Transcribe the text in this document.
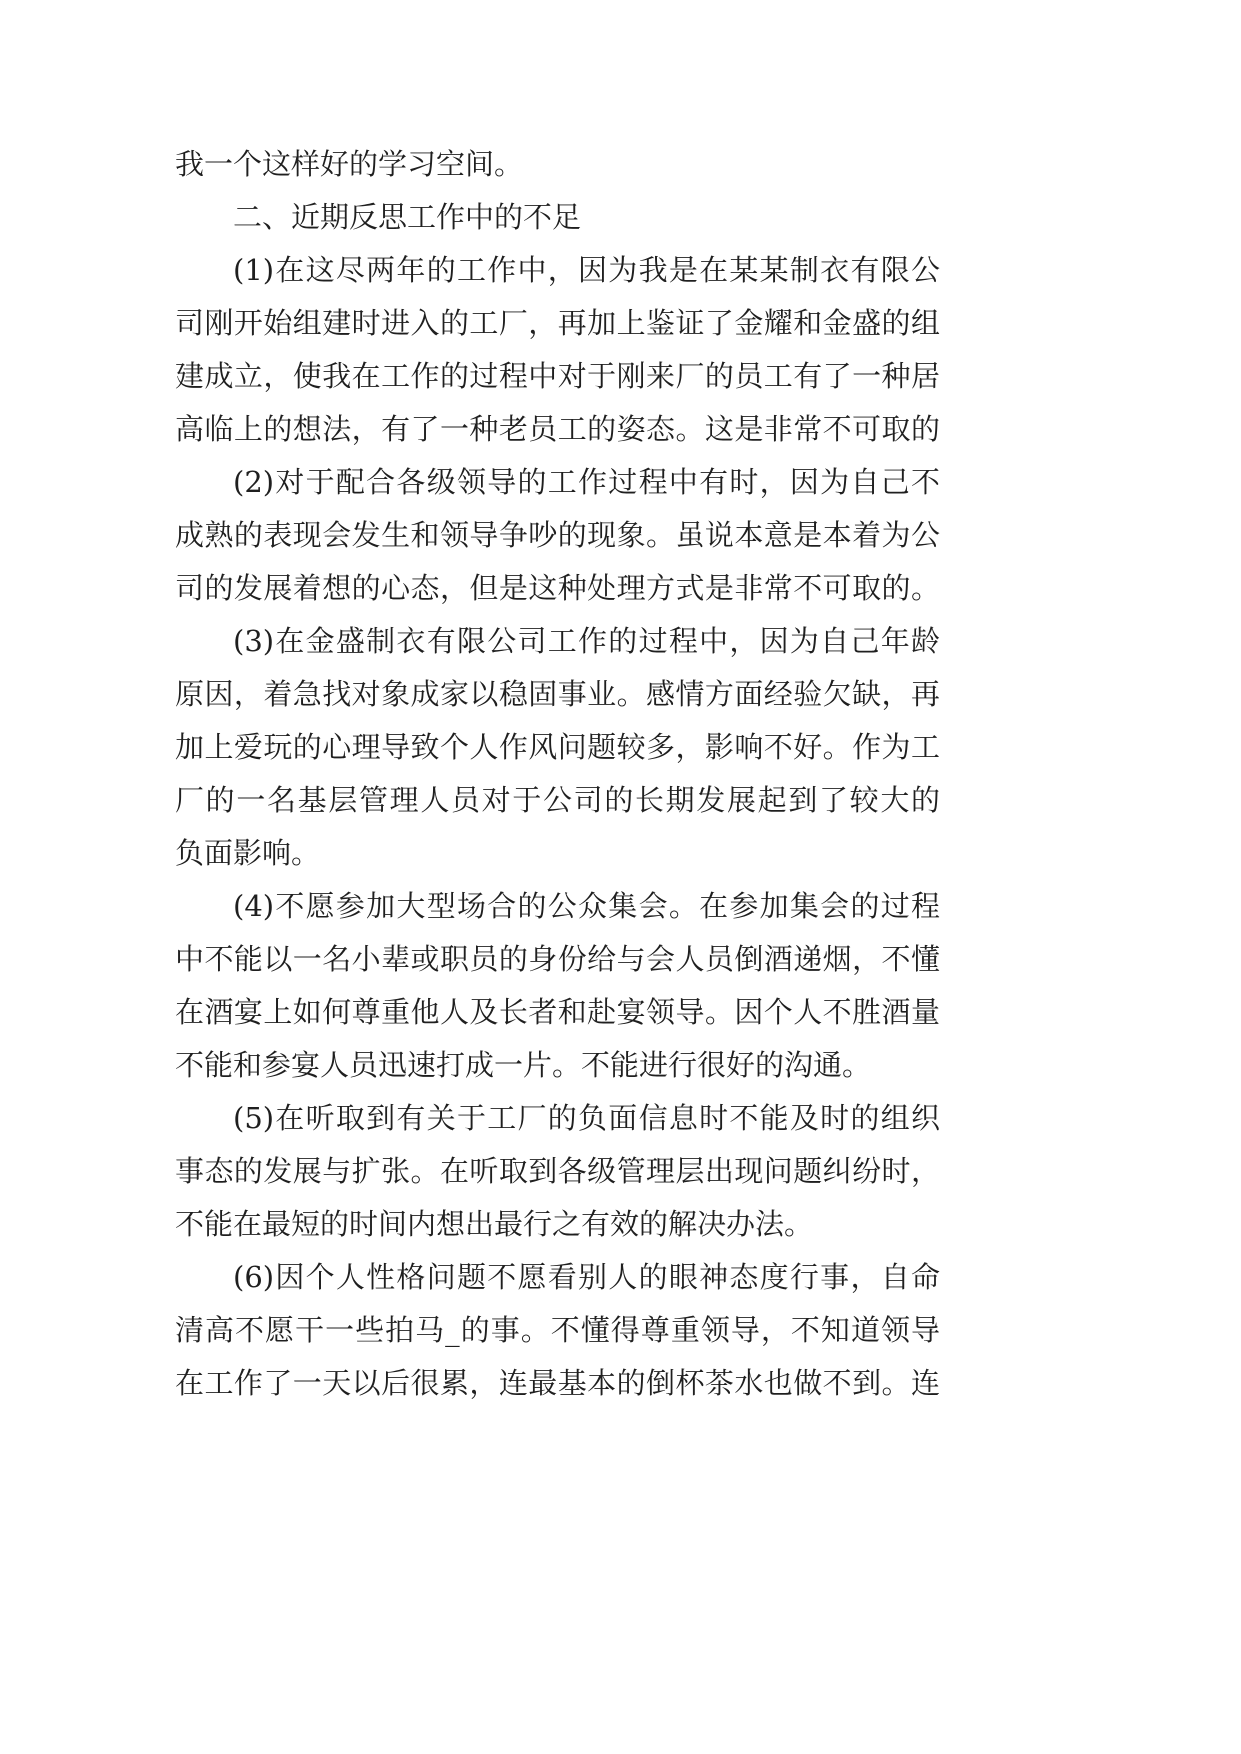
我一个这样好的学习空间。
二、近期反思工作中的不足
(1)在这尽两年的工作中，因为我是在某某制衣有限公
司刚开始组建时进入的工厂，再加上鉴证了金耀和金盛的组
建成立，使我在工作的过程中对于刚来厂的员工有了一种居
高临上的想法，有了一种老员工的姿态。这是非常不可取的
(2)对于配合各级领导的工作过程中有时，因为自己不
成熟的表现会发生和领导争吵的现象。虽说本意是本着为公
司的发展着想的心态，但是这种处理方式是非常不可取的。
(3)在金盛制衣有限公司工作的过程中，因为自己年龄
原因，着急找对象成家以稳固事业。感情方面经验欠缺，再
加上爱玩的心理导致个人作风问题较多，影响不好。作为工
厂的一名基层管理人员对于公司的长期发展起到了较大的
负面影响。
(4)不愿参加大型场合的公众集会。在参加集会的过程
中不能以一名小辈或职员的身份给与会人员倒酒递烟，不懂
在酒宴上如何尊重他人及长者和赴宴领导。因个人不胜酒量
不能和参宴人员迅速打成一片。不能进行很好的沟通。
(5)在听取到有关于工厂的负面信息时不能及时的组织
事态的发展与扩张。在听取到各级管理层出现问题纠纷时，
不能在最短的时间内想出最行之有效的解决办法。
(6)因个人性格问题不愿看别人的眼神态度行事，自命
清高不愿干一些拍马_的事。不懂得尊重领导，不知道领导
在工作了一天以后很累，连最基本的倒杯茶水也做不到。连
